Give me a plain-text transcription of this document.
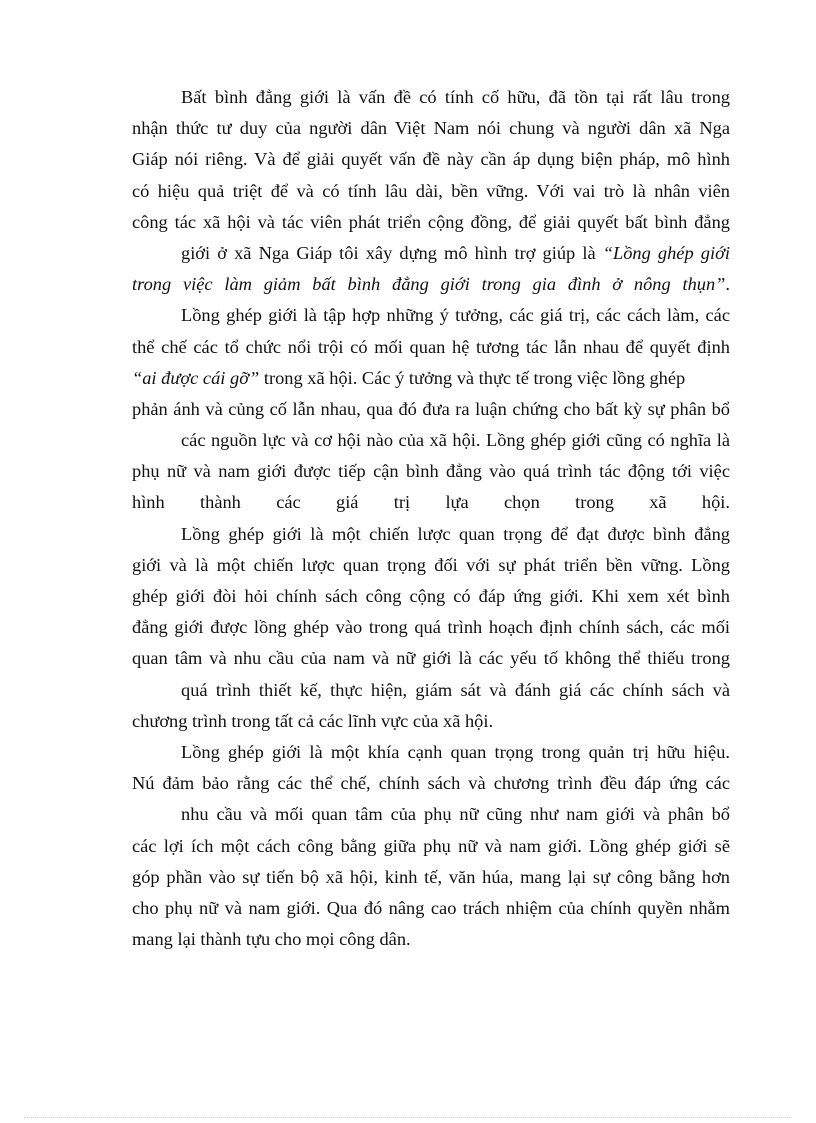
Bất bình đẳng giới là vấn đề có tính cố hữu, đã tồn tại rất lâu trong
nhận thức tư duy của người dân Việt Nam nói chung và người dân xã Nga
Giáp nói riêng. Và để giải quyết vấn đề này cần áp dụng biện pháp, mô hình
có hiệu quả triệt để và có tính lâu dài, bền vững. Với vai trò là nhân viên
công tác xã hội và tác viên phát triển cộng đồng, để giải quyết bất bình đẳng
giới ở xã Nga Giáp tôi xây dựng mô hình trợ giúp là “Lồng ghép giới
trong việc làm giảm bất bình đẳng giới trong gia đình ở nông thụn”.
Lồng ghép giới là tập hợp những ý tưởng, các giá trị, các cách làm, các
thể chế các tổ chức nổi trội có mối quan hệ tương tác lẫn nhau để quyết định
“ai được cái gỡ” trong xã hội. Các ý tưởng và thực tế trong việc lồng ghép
phản ánh và củng cố lẫn nhau, qua đó đưa ra luận chứng cho bất kỳ sự phân bổ
các nguồn lực và cơ hội nào của xã hội. Lồng ghép giới cũng có nghĩa là
phụ nữ và nam giới được tiếp cận bình đẳng vào quá trình tác động tới việc
hình thành các giá trị lựa chọn trong xã hội.
Lồng ghép giới là một chiến lược quan trọng để đạt được bình đẳng
giới và là một chiến lược quan trọng đối với sự phát triển bền vững. Lồng
ghép giới đòi hỏi chính sách công cộng có đáp ứng giới. Khi xem xét bình
đẳng giới được lồng ghép vào trong quá trình hoạch định chính sách, các mối
quan tâm và nhu cầu của nam và nữ giới là các yếu tố không thể thiếu trong
quá trình thiết kế, thực hiện, giám sát và đánh giá các chính sách và
chương trình trong tất cả các lĩnh vực của xã hội.
Lồng ghép giới là một khía cạnh quan trọng trong quản trị hữu hiệu.
Nú đảm bảo rằng các thể chế, chính sách và chương trình đều đáp ứng các
nhu cầu và mối quan tâm của phụ nữ cũng như nam giới và phân bổ
các lợi ích một cách công bằng giữa phụ nữ và nam giới. Lồng ghép giới sẽ
góp phần vào sự tiến bộ xã hội, kinh tế, văn húa, mang lại sự công bằng hơn
cho phụ nữ và nam giới. Qua đó nâng cao trách nhiệm của chính quyền nhằm
mang lại thành tựu cho mọi công dân.
